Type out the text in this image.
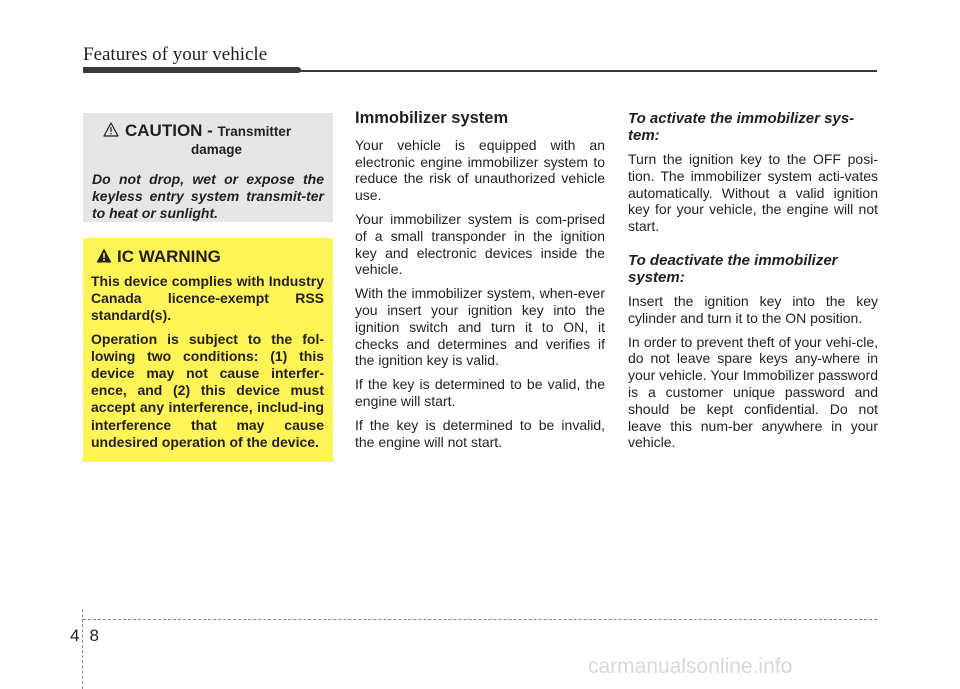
Features of your vehicle
CAUTION - Transmitter
damage
Do not drop, wet or expose the keyless entry system transmit-ter to heat or sunlight.
IC WARNING

This device complies with Industry Canada licence-exempt RSS standard(s).

Operation is subject to the fol-lowing two conditions: (1) this device may not cause interfer-ence, and (2) this device must accept any interference, includ-ing interference that may cause undesired operation of the device.

Immobilizer system

Your vehicle is equipped with an electronic engine immobilizer system to reduce the risk of unauthorized vehicle use.

Your immobilizer system is com-prised of a small transponder in the ignition key and electronic devices inside the vehicle.

With the immobilizer system, when-ever you insert your ignition key into the ignition switch and turn it to ON, it checks and determines and verifies if the ignition key is valid.

If the key is determined to be valid, the engine will start.

If the key is determined to be invalid, the engine will not start.

To activate the immobilizer sys-tem:

Turn the ignition key to the OFF posi-tion. The immobilizer system acti-vates automatically. Without a valid ignition key for your vehicle, the engine will not start.

To deactivate the immobilizer system:

Insert the ignition key into the key cylinder and turn it to the ON position.

In order to prevent theft of your vehi-cle, do not leave spare keys any-where in your vehicle. Your Immobilizer password is a customer unique password and should be kept confidential. Do not leave this num-ber anywhere in your vehicle.

48
carmanualsonline.info
